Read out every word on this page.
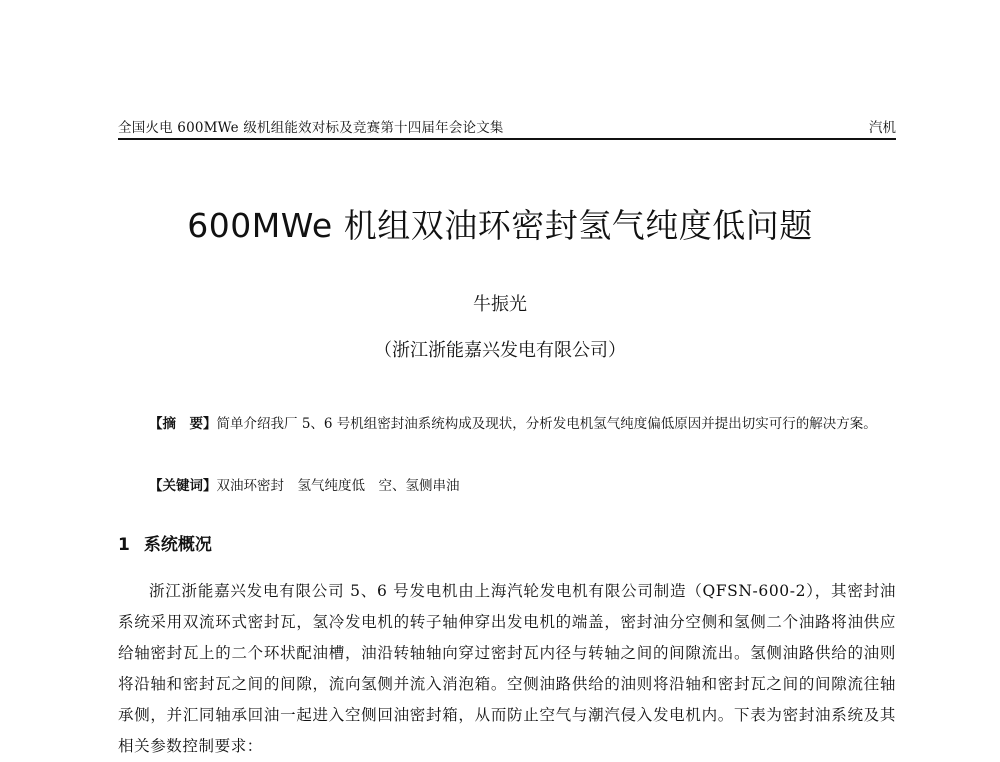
全国火电 600MWe 级机组能效对标及竞赛第十四届年会论文集	汽机
600MWe 机组双油环密封氢气纯度低问题
牛振光
（浙江浙能嘉兴发电有限公司）
【摘　要】简单介绍我厂 5、6 号机组密封油系统构成及现状，分析发电机氢气纯度偏低原因并提出切实可行的解决方案。
【关键词】双油环密封　氢气纯度低　空、氢侧串油
1 系统概况
浙江浙能嘉兴发电有限公司 5、6 号发电机由上海汽轮发电机有限公司制造（QFSN-600-2），其密封油系统采用双流环式密封瓦，氢冷发电机的转子轴伸穿出发电机的端盖，密封油分空侧和氢侧二个油路将油供应给轴密封瓦上的二个环状配油槽，油沿转轴轴向穿过密封瓦内径与转轴之间的间隙流出。氢侧油路供给的油则将沿轴和密封瓦之间的间隙，流向氢侧并流入消泡箱。空侧油路供给的油则将沿轴和密封瓦之间的间隙流往轴承侧，并汇同轴承回油一起进入空侧回油密封箱，从而防止空气与潮汽侵入发电机内。下表为密封油系统及其相关参数控制要求：
